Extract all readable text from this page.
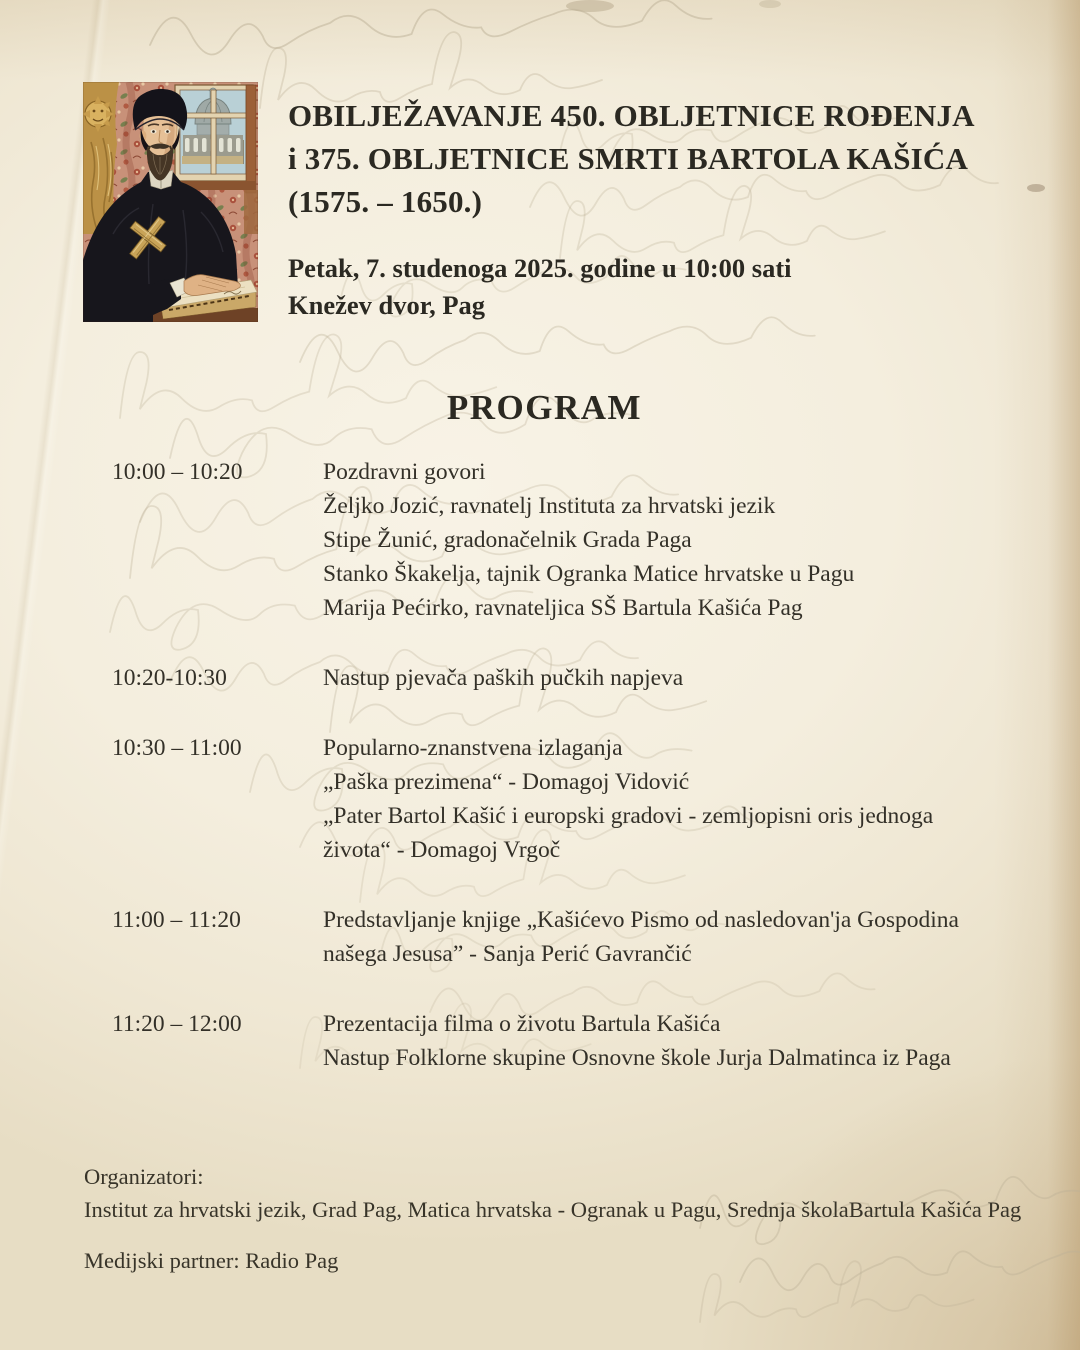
OBILJEŽAVANJE 450. OBLJETNICE ROĐENJA
i 375. OBLJETNICE SMRTI BARTOLA KAŠIĆA
(1575. – 1650.)
Petak, 7. studenoga 2025. godine u 10:00 sati
Knežev dvor, Pag
PROGRAM
10:00 – 10:20	Pozdravni govori
Željko Jozić, ravnatelj Instituta za hrvatski jezik
Stipe Žunić, gradonačelnik Grada Paga
Stanko Škakelja, tajnik Ogranka Matice hrvatske u Pagu
Marija Pećirko, ravnateljica SŠ Bartula Kašića Pag
10:20-10:30	Nastup pjevača paških pučkih napjeva
10:30 – 11:00	Popularno-znanstvena izlaganja
„Paška prezimena“ - Domagoj Vidović
„Pater Bartol Kašić i europski gradovi - zemljopisni oris jednoga života“ - Domagoj Vrgoč
11:00 – 11:20	Predstavljanje knjige „Kašićevo Pismo od nasledovan'ja Gospodina našega Jesusa” - Sanja Perić Gavrančić
11:20 – 12:00	Prezentacija filma o životu Bartula Kašića
Nastup Folklorne skupine Osnovne škole Jurja Dalmatinca iz Paga
Organizatori:
Institut za hrvatski jezik, Grad Pag, Matica hrvatska - Ogranak u Pagu, Srednja školaBartula Kašića Pag
Medijski partner: Radio Pag
